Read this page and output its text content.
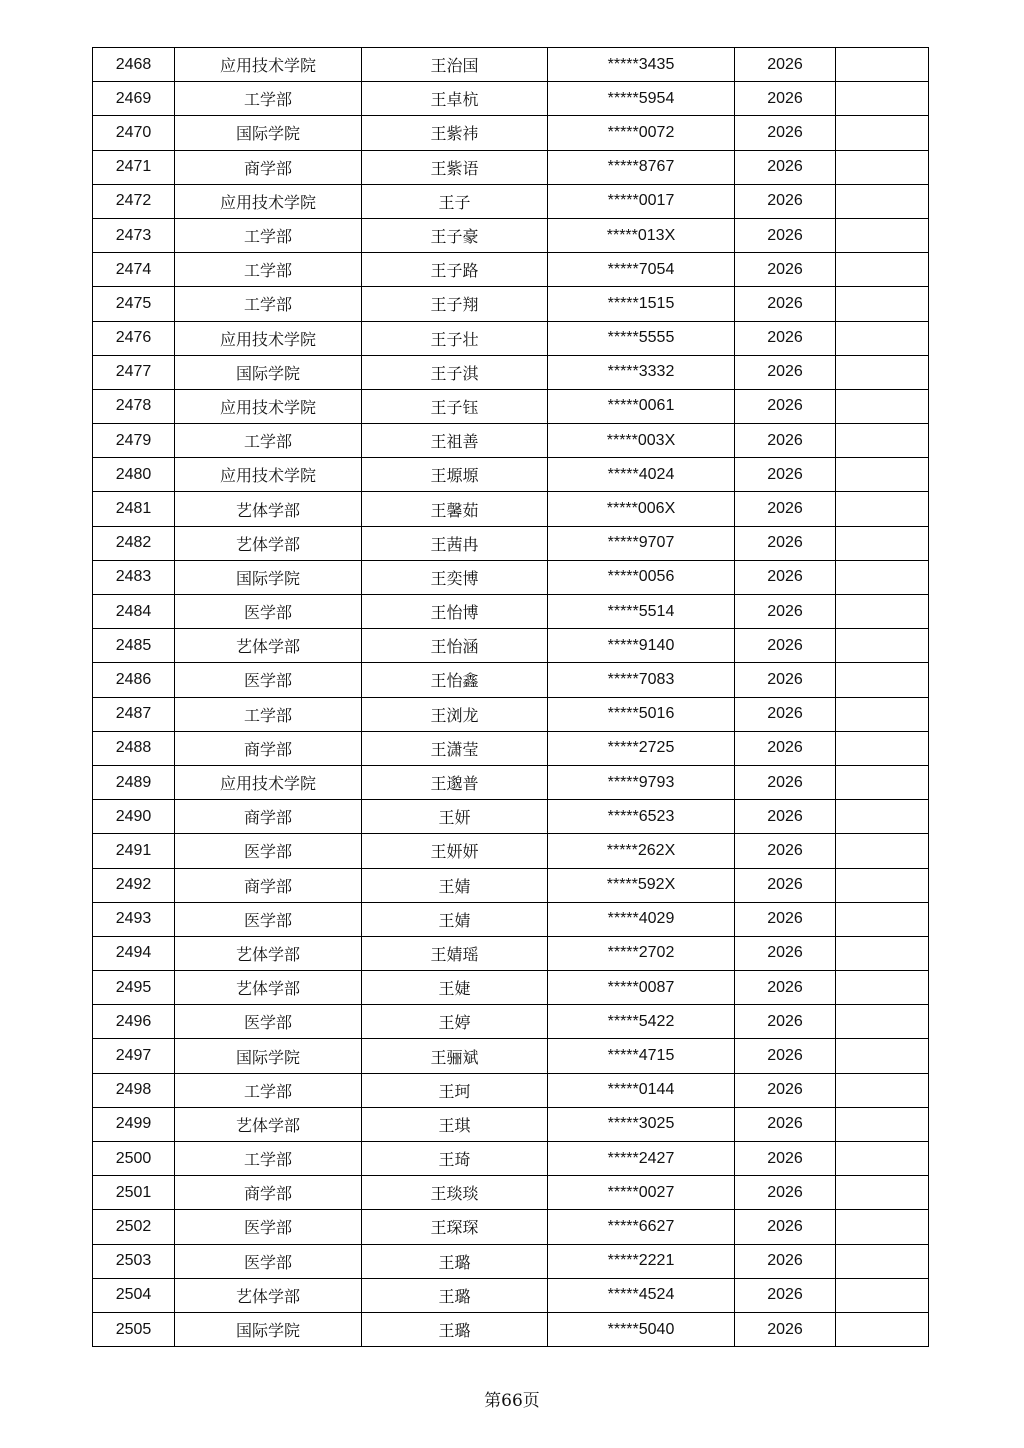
2468	应用技术学院	王治国	*****3435	2026	
2469	工学部	王卓杭	*****5954	2026	
2470	国际学院	王紫祎	*****0072	2026	
2471	商学部	王紫语	*****8767	2026	
2472	应用技术学院	王子	*****0017	2026	
2473	工学部	王子豪	*****013X	2026	
2474	工学部	王子路	*****7054	2026	
2475	工学部	王子翔	*****1515	2026	
2476	应用技术学院	王子壮	*****5555	2026	
2477	国际学院	王子淇	*****3332	2026	
2478	应用技术学院	王子钰	*****0061	2026	
2479	工学部	王祖善	*****003X	2026	
2480	应用技术学院	王塬塬	*****4024	2026	
2481	艺体学部	王馨茹	*****006X	2026	
2482	艺体学部	王茜冉	*****9707	2026	
2483	国际学院	王奕博	*****0056	2026	
2484	医学部	王怡博	*****5514	2026	
2485	艺体学部	王怡涵	*****9140	2026	
2486	医学部	王怡鑫	*****7083	2026	
2487	工学部	王浏龙	*****5016	2026	
2488	商学部	王潇莹	*****2725	2026	
2489	应用技术学院	王邈普	*****9793	2026	
2490	商学部	王妍	*****6523	2026	
2491	医学部	王妍妍	*****262X	2026	
2492	商学部	王婧	*****592X	2026	
2493	医学部	王婧	*****4029	2026	
2494	艺体学部	王婧瑶	*****2702	2026	
2495	艺体学部	王婕	*****0087	2026	
2496	医学部	王婷	*****5422	2026	
2497	国际学院	王骊斌	*****4715	2026	
2498	工学部	王珂	*****0144	2026	
2499	艺体学部	王琪	*****3025	2026	
2500	工学部	王琦	*****2427	2026	
2501	商学部	王琰琰	*****0027	2026	
2502	医学部	王琛琛	*****6627	2026	
2503	医学部	王璐	*****2221	2026	
2504	艺体学部	王璐	*****4524	2026	
2505	国际学院	王璐	*****5040	2026	
第66页
